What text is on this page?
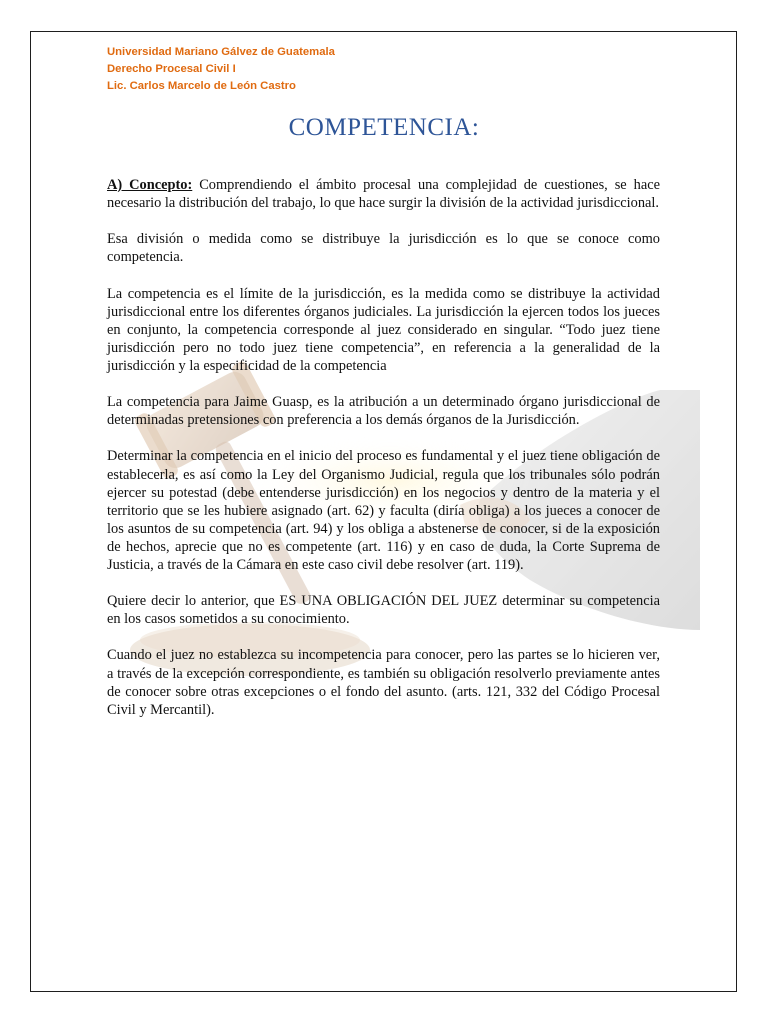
Universidad Mariano Gálvez de Guatemala
Derecho Procesal Civil I
Lic. Carlos Marcelo de León Castro
COMPETENCIA:

A) Concepto: Comprendiendo el ámbito procesal una complejidad de cuestiones, se hace necesario la distribución del trabajo, lo que hace surgir la división de la actividad jurisdiccional.

Esa división o medida como se distribuye la jurisdicción es lo que se conoce como competencia.

La competencia es el límite de la jurisdicción, es la medida como se distribuye la actividad jurisdiccional entre los diferentes órganos judiciales. La jurisdicción la ejercen todos los jueces en conjunto, la competencia corresponde al juez considerado en singular. “Todo juez tiene jurisdicción pero no todo juez tiene competencia”, en referencia a la generalidad de la jurisdicción y la especificidad de la competencia

La competencia para Jaime Guasp, es la atribución a un determinado órgano jurisdiccional de determinadas pretensiones con preferencia a los demás órganos de la Jurisdicción.

Determinar la competencia en el inicio del proceso es fundamental y el juez tiene obligación de establecerla, es así como la Ley del Organismo Judicial, regula que los tribunales sólo podrán ejercer su potestad (debe entenderse jurisdicción) en los negocios y dentro de la materia y el territorio que se les hubiere asignado (art. 62) y faculta (diría obliga) a los jueces a conocer de los asuntos de su competencia (art. 94) y los obliga a abstenerse de conocer, si de la exposición de hechos, aprecie que no es competente (art. 116) y en caso de duda, la Corte Suprema de Justicia, a través de la Cámara en este caso civil debe resolver (art. 119).

Quiere decir lo anterior, que ES UNA OBLIGACIÓN DEL JUEZ determinar su competencia en los casos sometidos a su conocimiento.

Cuando el juez no establezca su incompetencia para conocer, pero las partes se lo hicieren ver, a través de la excepción correspondiente, es también su obligación resolverlo previamente antes de conocer sobre otras excepciones o el fondo del asunto. (arts. 121, 332 del Código Procesal Civil y Mercantil).
